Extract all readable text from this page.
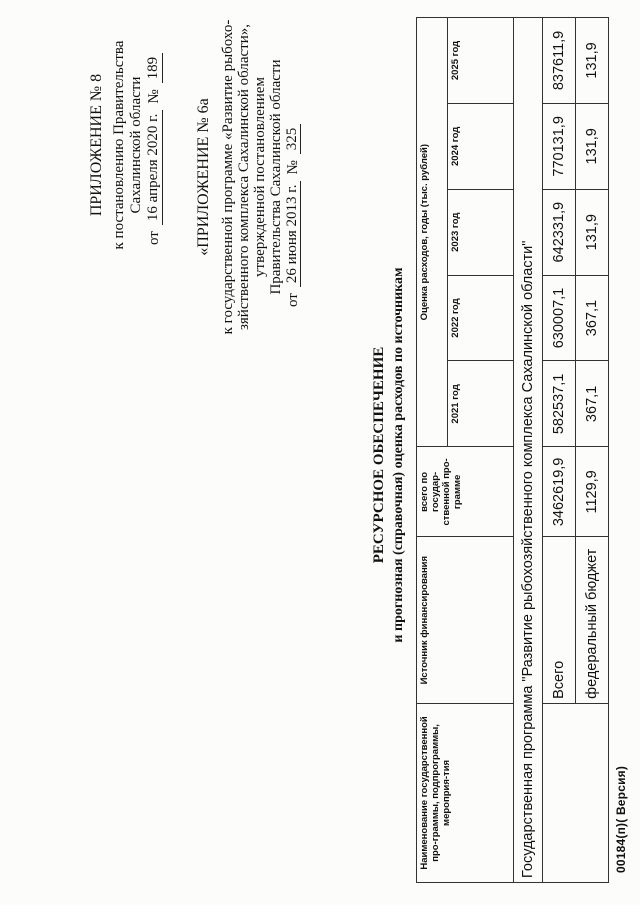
ПРИЛОЖЕНИЕ № 8 к постановлению Правительства Сахалинской области
от
16 апреля 2020 г.
№
189
«ПРИЛОЖЕНИЕ № 6а к государственной программе «Развитие рыбохо- зяйственного комплекса Сахалинской области», утвержденной постановлением Правительства Сахалинской области
от
26 июня 2013 г.
№
325
РЕСУРСНОЕ ОБЕСПЕЧЕНИЕ и прогнозная (справочная) оценка расходов по источникам
Наименование государственной про-граммы, подпрограммы, мероприя-тия	Источник финансирования	всего по государ-ственной про-грамме	Оценка расходов, годы (тыс. рублей)				
			2021 год	2022 год	2023 год	2024 год	2025 год
Государственная программа "Развитие рыбохозяйственного комплекса Сахалинской области"							
	Всего	3462619,9	582537,1	630007,1	642331,9	770131,9	837611,9
	федеральный бюджет	1129,9	367,1	367,1	131,9	131,9	131,9
00184(п)( Версия)
